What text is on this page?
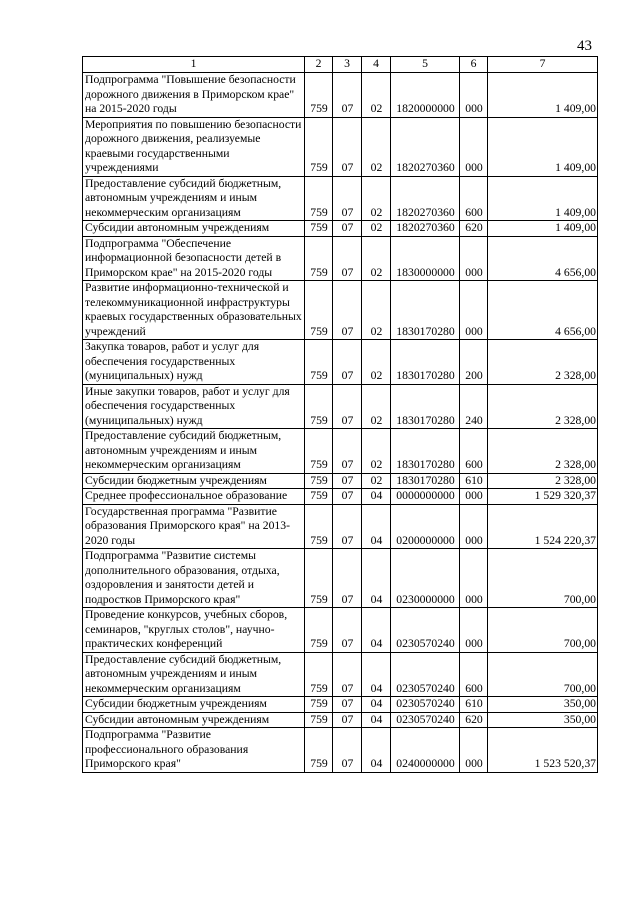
43
1	2	3	4	5	6	7
Подпрограмма "Повышение безопасности дорожного движения в Приморском крае" на 2015-2020 годы	759	07	02	1820000000	000	1 409,00
Мероприятия по повышению безопасности дорожного движения, реализуемые краевыми государственными учреждениями	759	07	02	1820270360	000	1 409,00
Предоставление субсидий бюджетным, автономным учреждениям и иным некоммерческим организациям	759	07	02	1820270360	600	1 409,00
Субсидии автономным учреждениям	759	07	02	1820270360	620	1 409,00
Подпрограмма "Обеспечение информационной безопасности детей в Приморском крае" на 2015-2020 годы	759	07	02	1830000000	000	4 656,00
Развитие информационно-технической и телекоммуникационной инфраструктуры краевых государственных образовательных учреждений	759	07	02	1830170280	000	4 656,00
Закупка товаров, работ и услуг для обеспечения государственных (муниципальных) нужд	759	07	02	1830170280	200	2 328,00
Иные закупки товаров, работ и услуг для обеспечения государственных (муниципальных) нужд	759	07	02	1830170280	240	2 328,00
Предоставление субсидий бюджетным, автономным учреждениям и иным некоммерческим организациям	759	07	02	1830170280	600	2 328,00
Субсидии бюджетным учреждениям	759	07	02	1830170280	610	2 328,00
Среднее профессиональное образование	759	07	04	0000000000	000	1 529 320,37
Государственная программа "Развитие образования Приморского края" на 2013-2020 годы	759	07	04	0200000000	000	1 524 220,37
Подпрограмма "Развитие системы дополнительного образования, отдыха, оздоровления и занятости детей и подростков Приморского края"	759	07	04	0230000000	000	700,00
Проведение конкурсов, учебных сборов, семинаров, "круглых столов", научно-практических конференций	759	07	04	0230570240	000	700,00
Предоставление субсидий бюджетным, автономным учреждениям и иным некоммерческим организациям	759	07	04	0230570240	600	700,00
Субсидии бюджетным учреждениям	759	07	04	0230570240	610	350,00
Субсидии автономным учреждениям	759	07	04	0230570240	620	350,00
Подпрограмма "Развитие профессионального образования Приморского края"	759	07	04	0240000000	000	1 523 520,37
